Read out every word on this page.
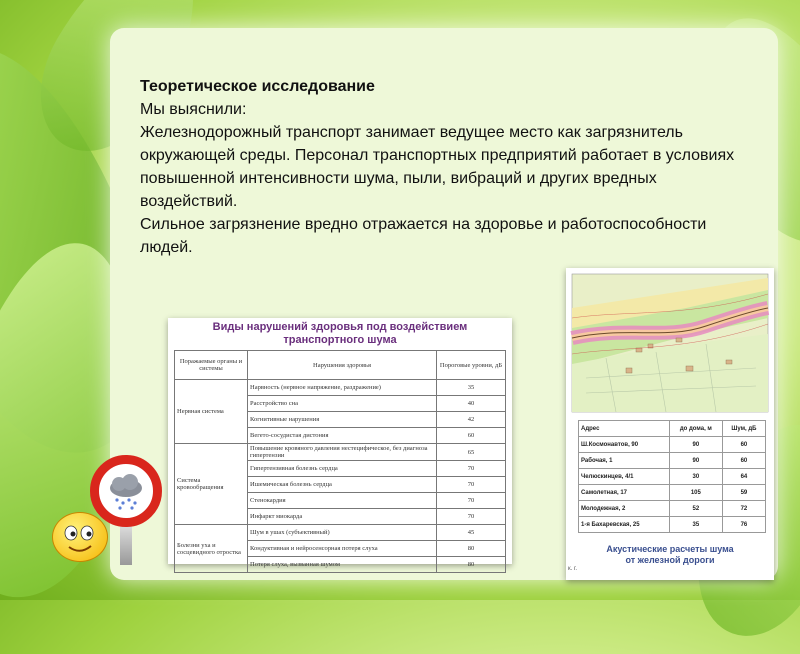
Теоретическое исследование
Мы выяснили:
Железнодорожный транспорт занимает ведущее место как загрязнитель окружающей среды. Персонал транспортных предприятий работает в условиях повышенной интенсивности шума, пыли, вибраций и других вредных воздействий.
Сильное загрязнение вредно отражается на здоровье и работоспособности людей.
Виды нарушений здоровья под воздействием
транспортного шума
Поражаемые органы и системы	Нарушения здоровья	Пороговые уровни, дБ
Нервная система	Нарвность (нервное напряжение, раздражение)	35
	Расстройство сна	40
	Когнитивные нарушения	42
	Вегето-сосудистая дистония	60
Система кровообращения	Повышение кровяного давления нестецифическое, без диагноза гипертензии	65
	Гипертензивная болезнь сердца	70
	Ишемическая болезнь сердца	70
	Стенокардия	70
	Инфаркт миокарда	70
Болезни уха и сосцевидного отростка	Шум в ушах (субъективный)	45
	Кондуктивная и нейросенсорная потеря слуха	80
	Потеря слуха, вызванная шумом	80
Адрес	до дома, м	Шум, дБ
Ш.Космонавтов, 90	90	60
Рабочая, 1	90	60
Челюскинцев, 4/1	30	64
Самолетная, 17	105	59
Молодежная, 2	52	72
1-я Бахаревская, 25	35	76
Акустические расчеты шума
от железной дороги
к. г.
